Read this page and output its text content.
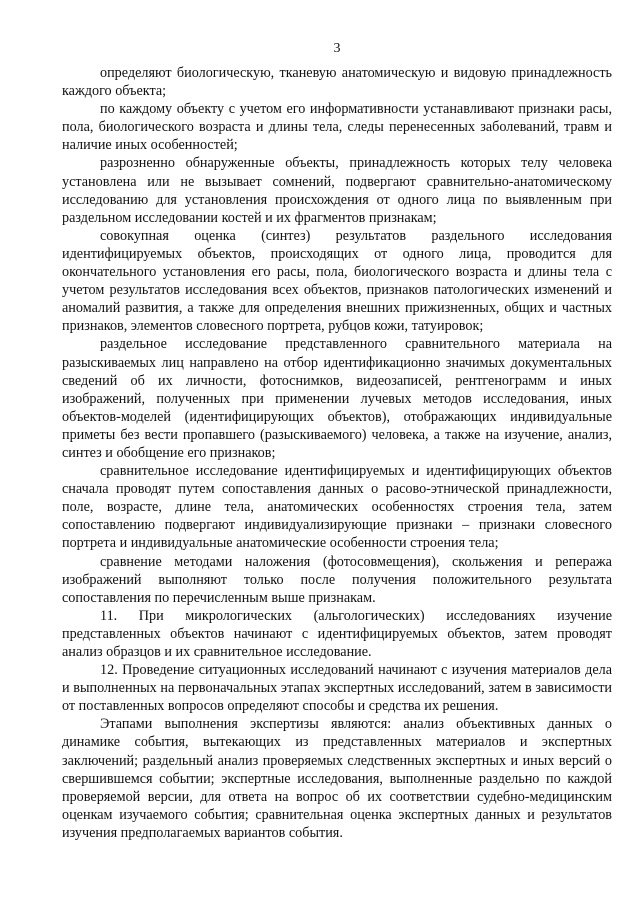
3

определяют биологическую, тканевую анатомическую и видовую принадлежность каждого объекта;

по каждому объекту с учетом его информативности устанавливают признаки расы, пола, биологического возраста и длины тела, следы перенесенных заболеваний, травм и наличие иных особенностей;

разрозненно обнаруженные объекты, принадлежность которых телу человека установлена или не вызывает сомнений, подвергают сравнительно-анатомическому исследованию для установления происхождения от одного лица по выявленным при раздельном исследовании костей и их фрагментов признакам;

совокупная оценка (синтез) результатов раздельного исследования идентифицируемых объектов, происходящих от одного лица, проводится для окончательного установления его расы, пола, биологического возраста и длины тела с учетом результатов исследования всех объектов, признаков патологических изменений и аномалий развития, а также для определения внешних прижизненных, общих и частных признаков, элементов словесного портрета, рубцов кожи, татуировок;

раздельное исследование представленного сравнительного материала на разыскиваемых лиц направлено на отбор идентификационно значимых документальных сведений об их личности, фотоснимков, видеозаписей, рентгенограмм и иных изображений, полученных при применении лучевых методов исследования, иных объектов-моделей (идентифицирующих объектов), отображающих индивидуальные приметы без вести пропавшего (разыскиваемого) человека, а также на изучение, анализ, синтез и обобщение его признаков;

сравнительное исследование идентифицируемых и идентифицирующих объектов сначала проводят путем сопоставления данных о расово-этнической принадлежности, поле, возрасте, длине тела, анатомических особенностях строения тела, затем сопоставлению подвергают индивидуализирующие признаки – признаки словесного портрета и индивидуальные анатомические особенности строения тела;

сравнение методами наложения (фотосовмещения), скольжения и репеража изображений выполняют только после получения положительного результата сопоставления по перечисленным выше признакам.

11. При микрологических (альгологических) исследованиях изучение представленных объектов начинают с идентифицируемых объектов, затем проводят анализ образцов и их сравнительное исследование.

12. Проведение ситуационных исследований начинают с изучения материалов дела и выполненных на первоначальных этапах экспертных исследований, затем в зависимости от поставленных вопросов определяют способы и средства их решения.

Этапами выполнения экспертизы являются: анализ объективных данных о динамике события, вытекающих из представленных материалов и экспертных заключений; раздельный анализ проверяемых следственных экспертных и иных версий о свершившемся событии; экспертные исследования, выполненные раздельно по каждой проверяемой версии, для ответа на вопрос об их соответствии судебно-медицинским оценкам изучаемого события; сравнительная оценка экспертных данных и результатов изучения предполагаемых вариантов события.
